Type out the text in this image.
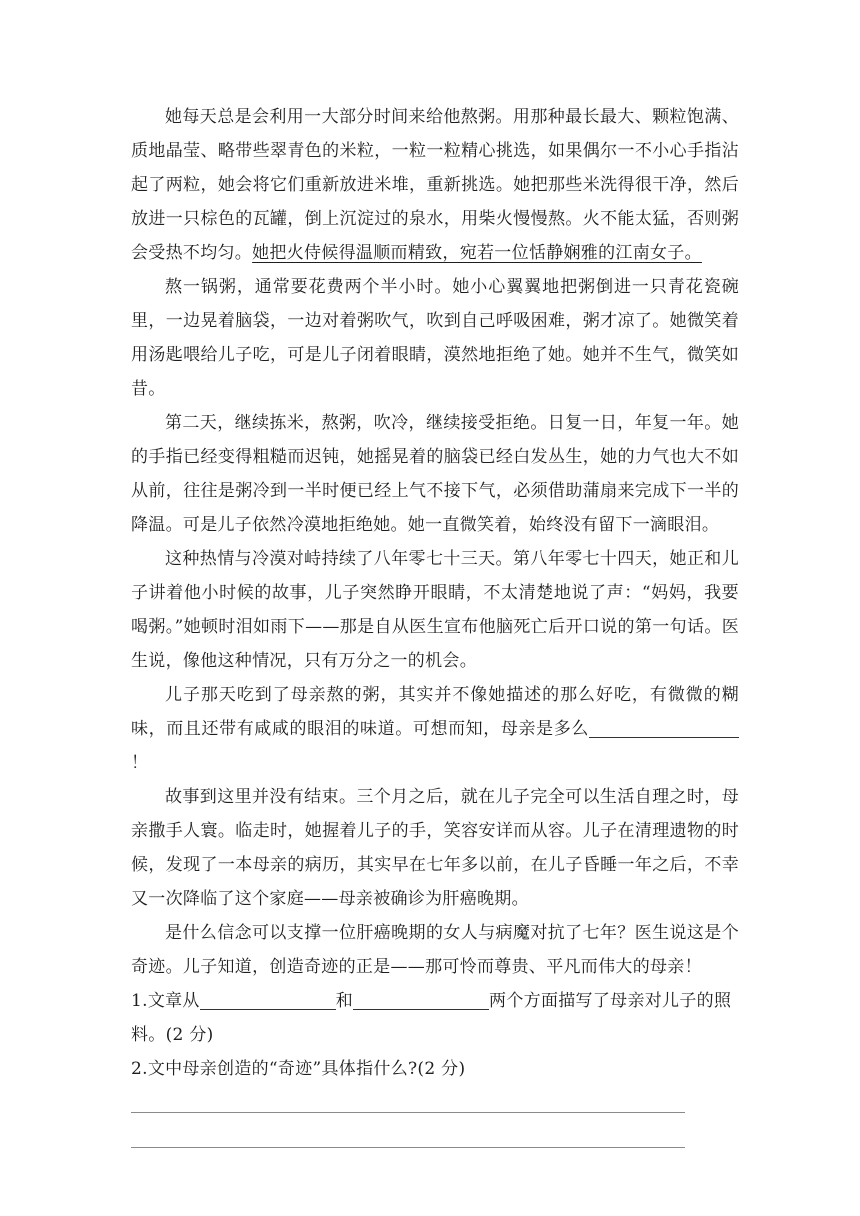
她每天总是会利用一大部分时间来给他熬粥。用那种最长最大、颗粒饱满、质地晶莹、略带些翠青色的米粒，一粒一粒精心挑选，如果偶尔一不小心手指沾起了两粒，她会将它们重新放进米堆，重新挑选。她把那些米洗得很干净，然后放进一只棕色的瓦罐，倒上沉淀过的泉水，用柴火慢慢熬。火不能太猛，否则粥会受热不均匀。她把火侍候得温顺而精致，宛若一位恬静娴雅的江南女子。

熬一锅粥，通常要花费两个半小时。她小心翼翼地把粥倒进一只青花瓷碗里，一边晃着脑袋，一边对着粥吹气，吹到自己呼吸困难，粥才凉了。她微笑着用汤匙喂给儿子吃，可是儿子闭着眼睛，漠然地拒绝了她。她并不生气，微笑如昔。

第二天，继续拣米，熬粥，吹冷，继续接受拒绝。日复一日，年复一年。她的手指已经变得粗糙而迟钝，她摇晃着的脑袋已经白发丛生，她的力气也大不如从前，往往是粥冷到一半时便已经上气不接下气，必须借助蒲扇来完成下一半的降温。可是儿子依然冷漠地拒绝她。她一直微笑着，始终没有留下一滴眼泪。

这种热情与冷漠对峙持续了八年零七十三天。第八年零七十四天，她正和儿子讲着他小时候的故事，儿子突然睁开眼睛，不太清楚地说了声：“妈妈，我要喝粥。”她顿时泪如雨下——那是自从医生宣布他脑死亡后开口说的第一句话。医生说，像他这种情况，只有万分之一的机会。

儿子那天吃到了母亲熬的粥，其实并不像她描述的那么好吃，有微微的糊味，而且还带有咸咸的眼泪的味道。可想而知，母亲是多么！

故事到这里并没有结束。三个月之后，就在儿子完全可以生活自理之时，母亲撒手人寰。临走时，她握着儿子的手，笑容安详而从容。儿子在清理遗物的时候，发现了一本母亲的病历，其实早在七年多以前，在儿子昏睡一年之后，不幸又一次降临了这个家庭——母亲被确诊为肝癌晚期。

是什么信念可以支撑一位肝癌晚期的女人与病魔对抗了七年？医生说这是个奇迹。儿子知道，创造奇迹的正是——那可怜而尊贵、平凡而伟大的母亲！

1.文章从	和	两个方面描写了母亲对儿子的照料。(2 分)

2.文中母亲创造的“奇迹”具体指什么?(2 分)
